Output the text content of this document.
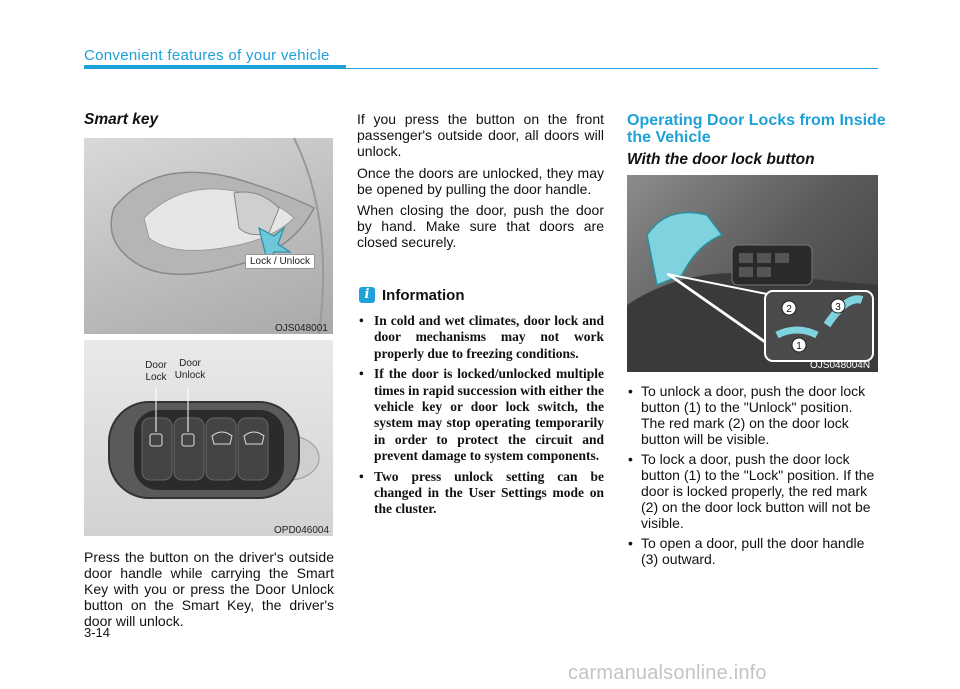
Convenient features of your vehicle
Smart key
Lock / Unlock
OJS048001
Door Lock
Door Unlock
OPD046004

Press the button on the driver's outside door handle while carrying the Smart Key with you or press the Door Unlock button on the Smart Key, the driver's door will unlock.

If you press the button on the front passenger's outside door, all doors will unlock.

Once the doors are unlocked, they may be opened by pulling the door handle.

When closing the door, push the door by hand. Make sure that doors are closed securely.

i Information
• In cold and wet climates, door lock and door mechanisms may not work properly due to freezing conditions.
• If the door is locked/unlocked multiple times in rapid succession with either the vehicle key or door lock switch, the system may stop operating temporarily in order to protect the circuit and prevent damage to system components.
• Two press unlock setting can be changed in the User Settings mode on the cluster.
Operating Door Locks from Inside the Vehicle
With the door lock button
2	3
1
OJS048004N
• To unlock a door, push the door lock button (1) to the "Unlock" position. The red mark (2) on the door lock button will be visible.
• To lock a door, push the door lock button (1) to the "Lock" position. If the door is locked properly, the red mark (2) on the door lock button will not be visible.
• To open a door, pull the door handle (3) outward.
3-14
carmanualsonline.info
